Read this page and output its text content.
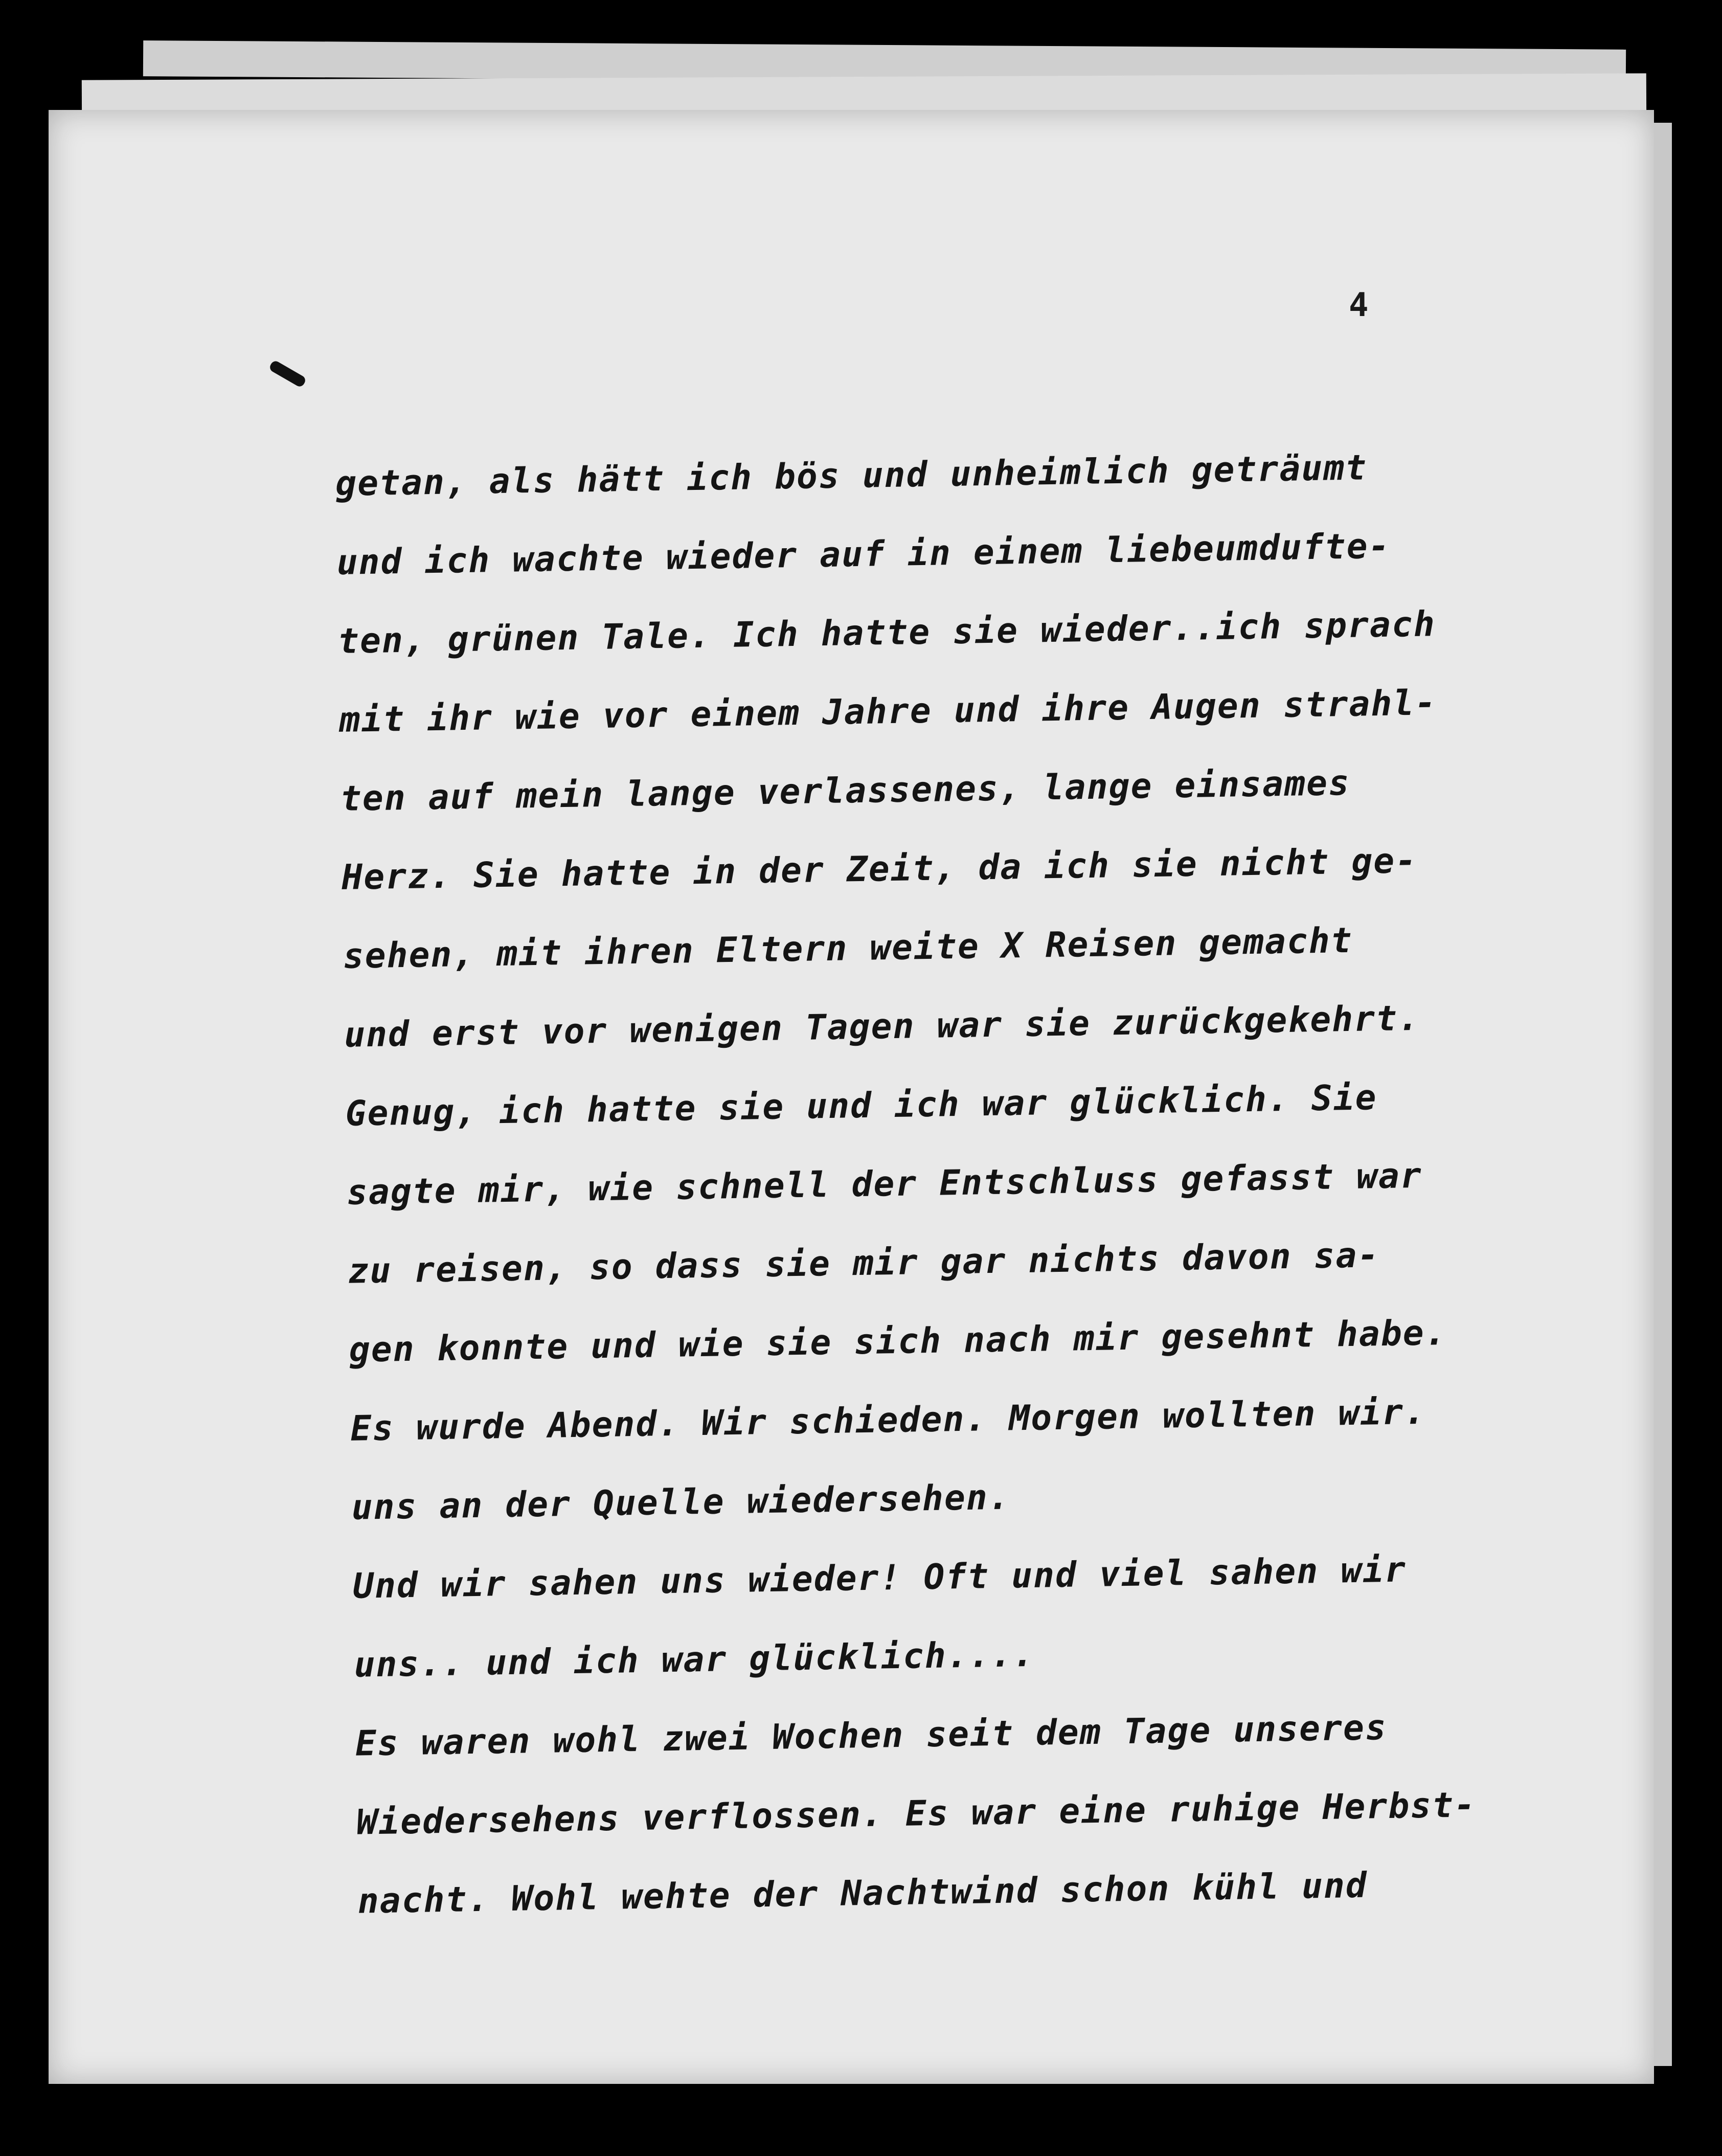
4
getan, als hätt ich bös und unheimlich geträumt
und ich wachte wieder auf in einem liebeumdufte-
ten, grünen Tale. Ich hatte sie wieder..ich sprach
mit ihr wie vor einem Jahre und ihre Augen strahl-
ten auf mein lange verlassenes, lange einsames
Herz. Sie hatte in der Zeit, da ich sie nicht ge-
sehen, mit ihren Eltern weite X Reisen gemacht
und erst vor wenigen Tagen war sie zurückgekehrt.
Genug, ich hatte sie und ich war glücklich. Sie
sagte mir, wie schnell der Entschluss gefasst war
zu reisen, so dass sie mir gar nichts davon sa-
gen konnte und wie sie sich nach mir gesehnt habe.
Es wurde Abend. Wir schieden. Morgen wollten wir.
uns an der Quelle wiedersehen.
Und wir sahen uns wieder! Oft und viel sahen wir
uns.. und ich war glücklich....
Es waren wohl zwei Wochen seit dem Tage unseres
Wiedersehens verflossen. Es war eine ruhige Herbst-
nacht. Wohl wehte der Nachtwind schon kühl und
